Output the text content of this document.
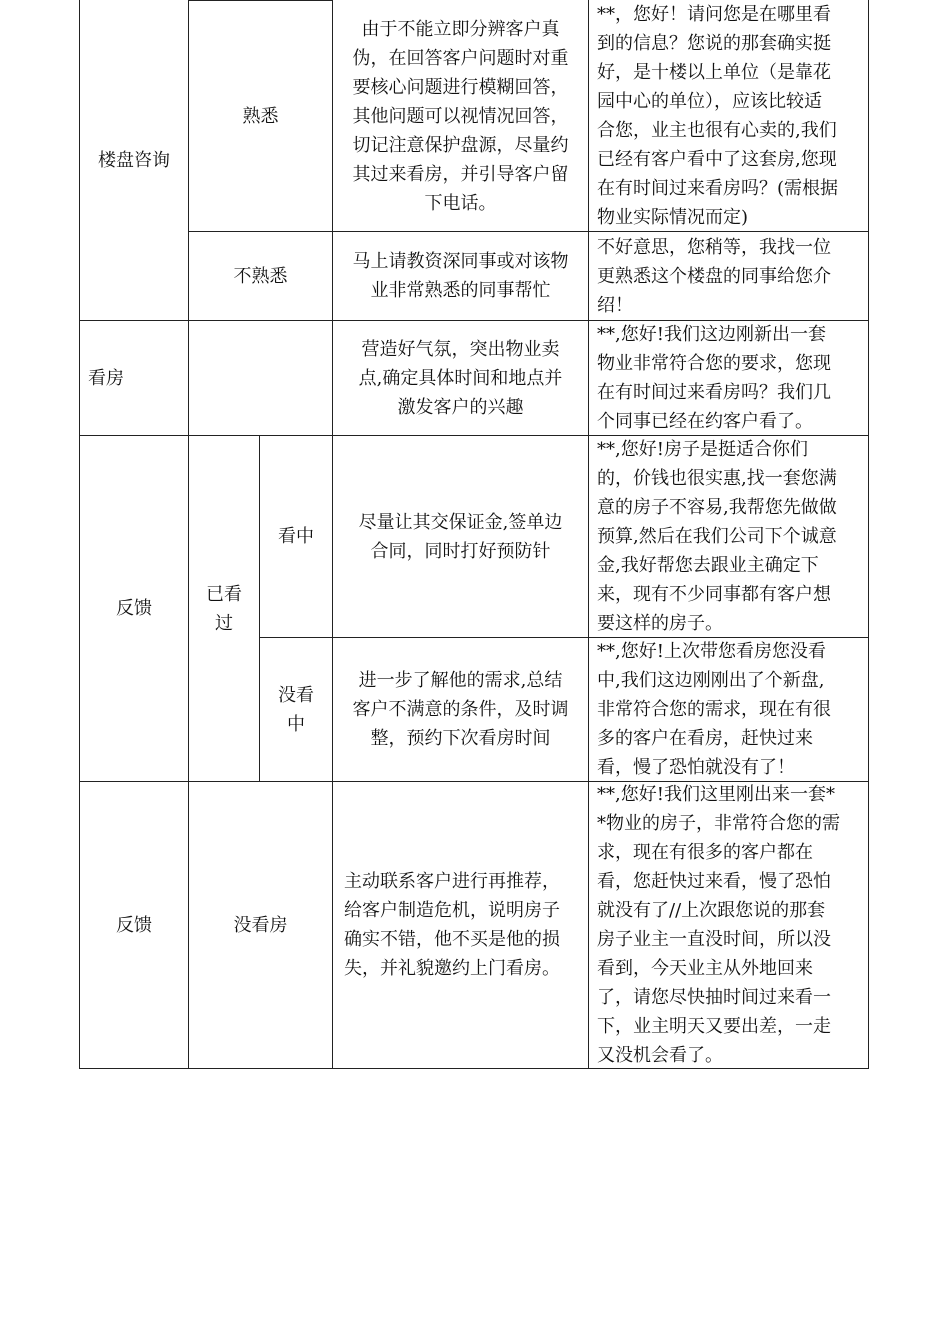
楼盘咨询
熟悉
由于不能立即分辨客户真
伪，在回答客户问题时对重
要核心问题进行模糊回答，
其他问题可以视情况回答，
切记注意保护盘源，尽量约
其过来看房，并引导客户留
下电话。
**，您好！请问您是在哪里看
到的信息？您说的那套确实挺
好，是十楼以上单位（是靠花
园中心的单位），应该比较适
合您，业主也很有心卖的,我们
已经有客户看中了这套房,您现
在有时间过来看房吗？(需根据
物业实际情况而定)
不熟悉
马上请教资深同事或对该物
业非常熟悉的同事帮忙
不好意思，您稍等，我找一位
更熟悉这个楼盘的同事给您介
绍！
看房
营造好气氛，突出物业卖
点,确定具体时间和地点并
激发客户的兴趣
**,您好!我们这边刚新出一套
物业非常符合您的要求，您现
在有时间过来看房吗？我们几
个同事已经在约客户看了。
反馈
已看
过
看中
尽量让其交保证金,签单边
合同，同时打好预防针
**,您好!房子是挺适合你们
的，价钱也很实惠,找一套您满
意的房子不容易,我帮您先做做
预算,然后在我们公司下个诚意
金,我好帮您去跟业主确定下
来，现有不少同事都有客户想
要这样的房子。
没看
中
进一步了解他的需求,总结
客户不满意的条件，及时调
整，预约下次看房时间
**,您好!上次带您看房您没看
中,我们这边刚刚出了个新盘,
非常符合您的需求，现在有很
多的客户在看房，赶快过来
看，慢了恐怕就没有了！
反馈	没看房
主动联系客户进行再推荐，
给客户制造危机，说明房子
确实不错，他不买是他的损
失，并礼貌邀约上门看房。
**,您好!我们这里刚出来一套*
*物业的房子，非常符合您的需
求，现在有很多的客户都在
看，您赶快过来看，慢了恐怕
就没有了//上次跟您说的那套
房子业主一直没时间，所以没
看到，今天业主从外地回来
了，请您尽快抽时间过来看一
下，业主明天又要出差，一走
又没机会看了。
